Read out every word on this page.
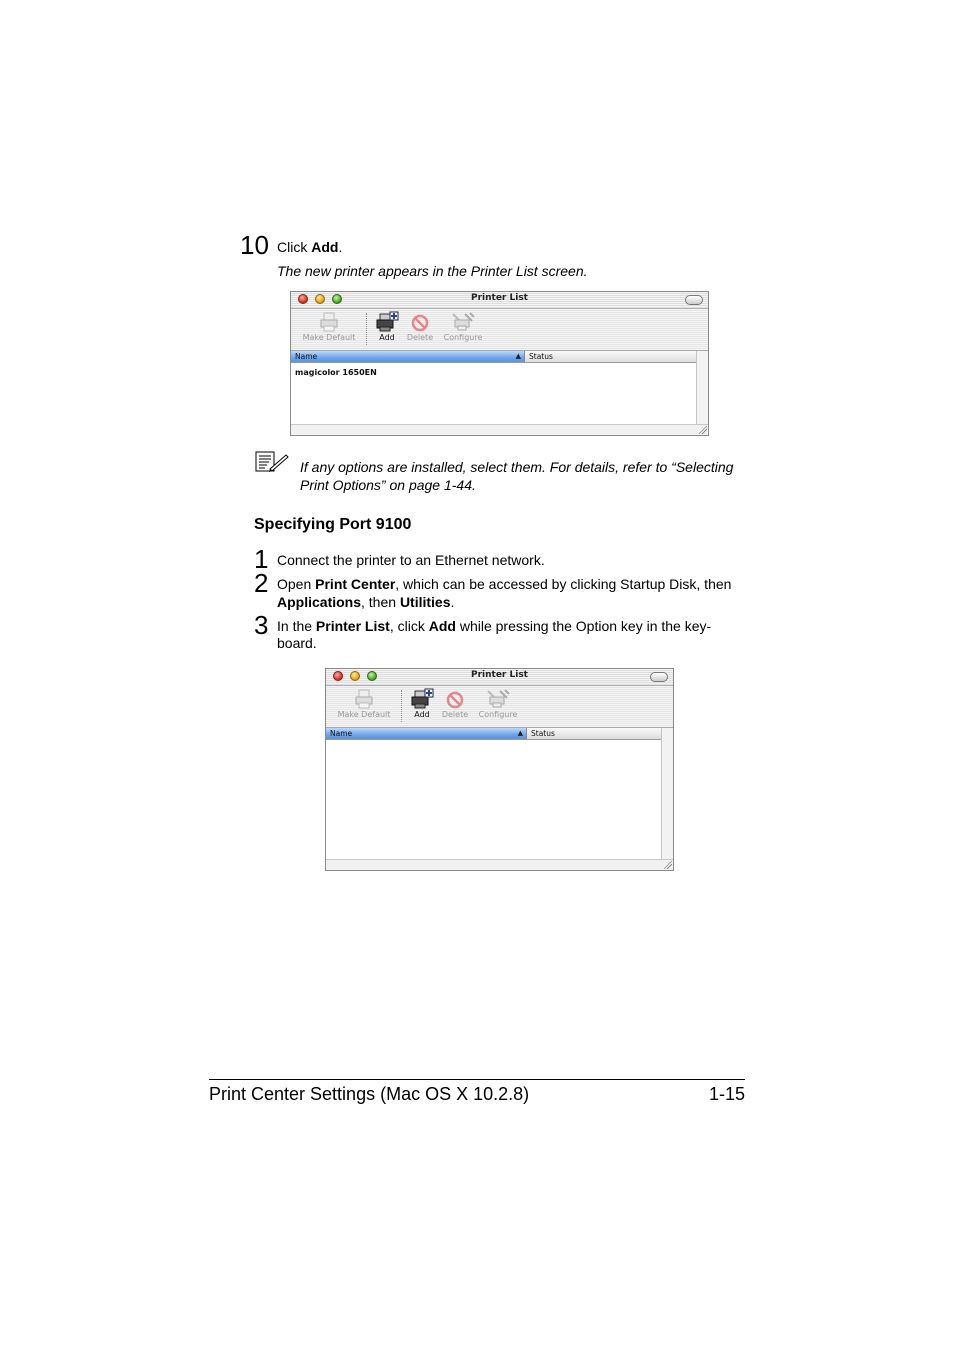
10 Click Add.
The new printer appears in the Printer List screen.
Printer List
Make Default	Add	Delete	Configure
Name	▲ Status
magicolor 1650EN
If any options are installed, select them. For details, refer to “Selecting Print Options” on page 1-44.
Specifying Port 9100
1 Connect the printer to an Ethernet network.
2 Open Print Center, which can be accessed by clicking Startup Disk, then
Applications, then Utilities.
3 In the Printer List, click Add while pressing the Option key in the key-
board.
Printer List
Make Default	Add	Delete	Configure
Name	▲ Status
Print Center Settings (Mac OS X 10.2.8)	1-15
